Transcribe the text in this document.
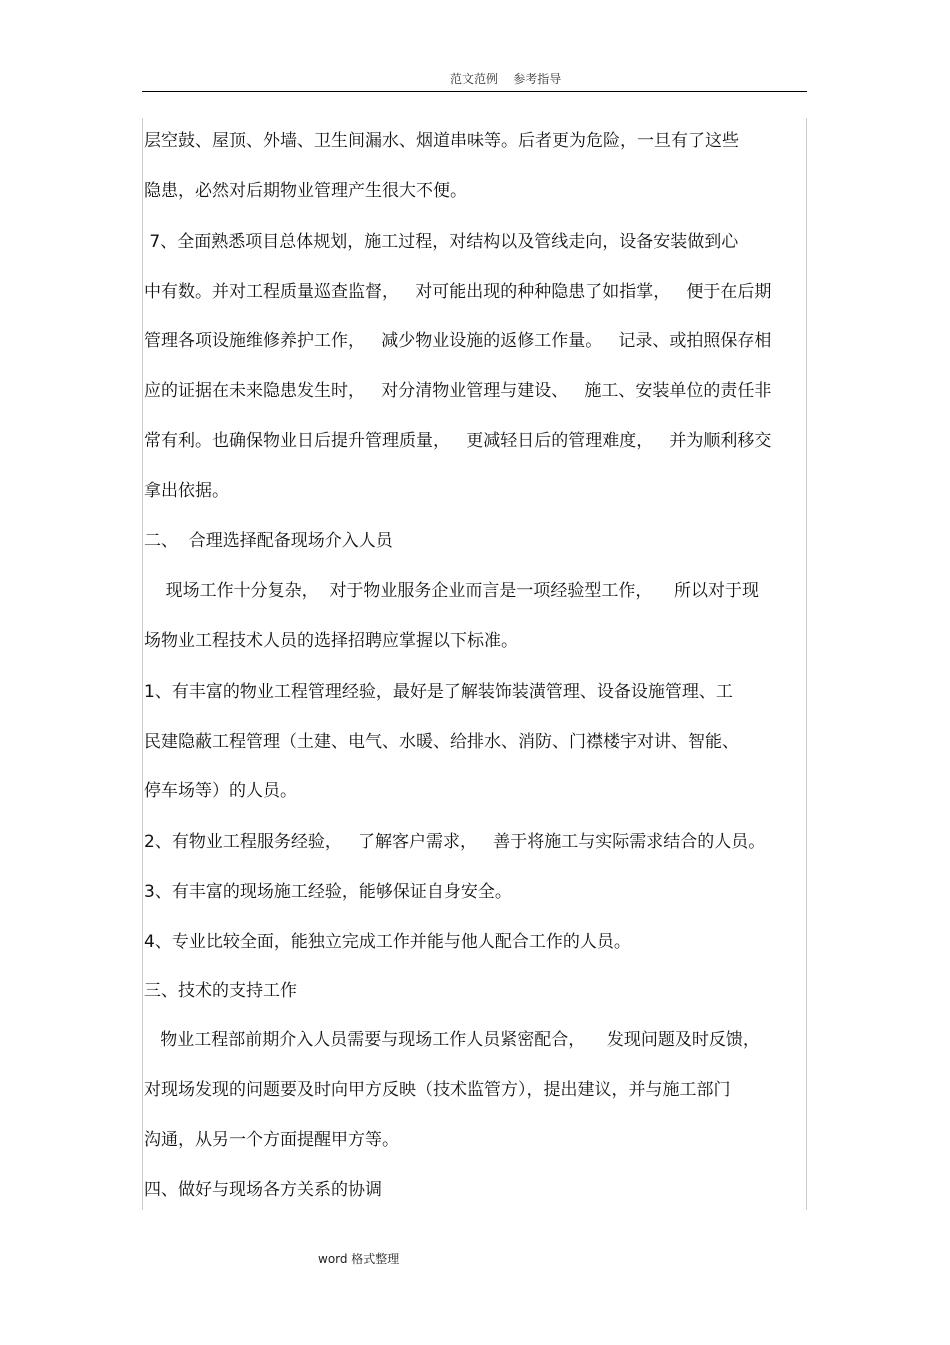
范文范例    参考指导
层空鼓、屋顶、外墙、卫生间漏水、烟道串味等。后者更为危险，一旦有了这些
隐患，必然对后期物业管理产生很大不便。
7、全面熟悉项目总体规划，施工过程，对结构以及管线走向，设备安装做到心
中有数。并对工程质量巡查监督，   对可能出现的种种隐患了如指掌，   便于在后期
管理各项设施维修养护工作，   减少物业设施的返修工作量。   记录、或拍照保存相
应的证据在未来隐患发生时，   对分清物业管理与建设、   施工、安装单位的责任非
常有利。也确保物业日后提升管理质量，   更减轻日后的管理难度，   并为顺利移交
拿出依据。
二、  合理选择配备现场介入人员
现场工作十分复杂，  对于物业服务企业而言是一项经验型工作，    所以对于现
场物业工程技术人员的选择招聘应掌握以下标准。
1、有丰富的物业工程管理经验，最好是了解装饰装潢管理、设备设施管理、工
民建隐蔽工程管理（土建、电气、水暖、给排水、消防、门襟楼宇对讲、智能、
停车场等）的人员。
2、有物业工程服务经验，   了解客户需求，   善于将施工与实际需求结合的人员。
3、有丰富的现场施工经验，能够保证自身安全。
4、专业比较全面，能独立完成工作并能与他人配合工作的人员。
三、技术的支持工作
物业工程部前期介入人员需要与现场工作人员紧密配合，    发现问题及时反馈，
对现场发现的问题要及时向甲方反映（技术监管方），提出建议，并与施工部门
沟通，从另一个方面提醒甲方等。
四、做好与现场各方关系的协调
word 格式整理
